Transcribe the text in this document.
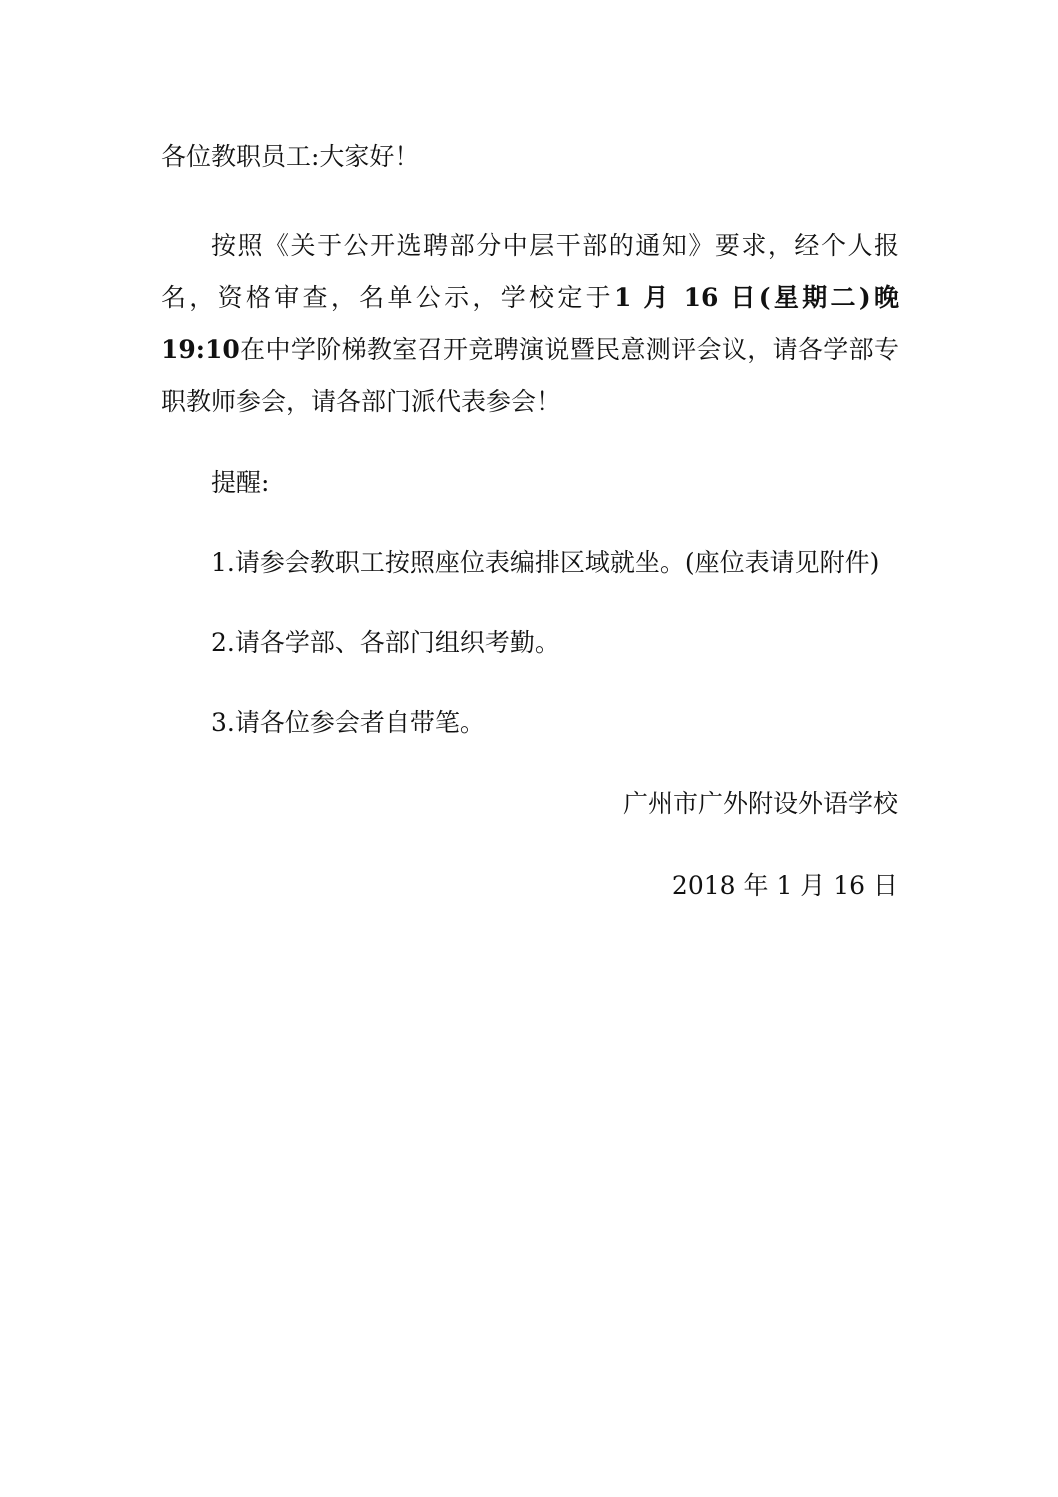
各位教职员工:大家好！
按照《关于公开选聘部分中层干部的通知》要求，经个人报名，资格审查，名单公示，学校定于1 月 16 日(星期二)晚 19:10在中学阶梯教室召开竞聘演说暨民意测评会议，请各学部专职教师参会，请各部门派代表参会！
提醒:
1.请参会教职工按照座位表编排区域就坐。(座位表请见附件)
2.请各学部、各部门组织考勤。
3.请各位参会者自带笔。
广州市广外附设外语学校
2018 年 1 月 16 日
